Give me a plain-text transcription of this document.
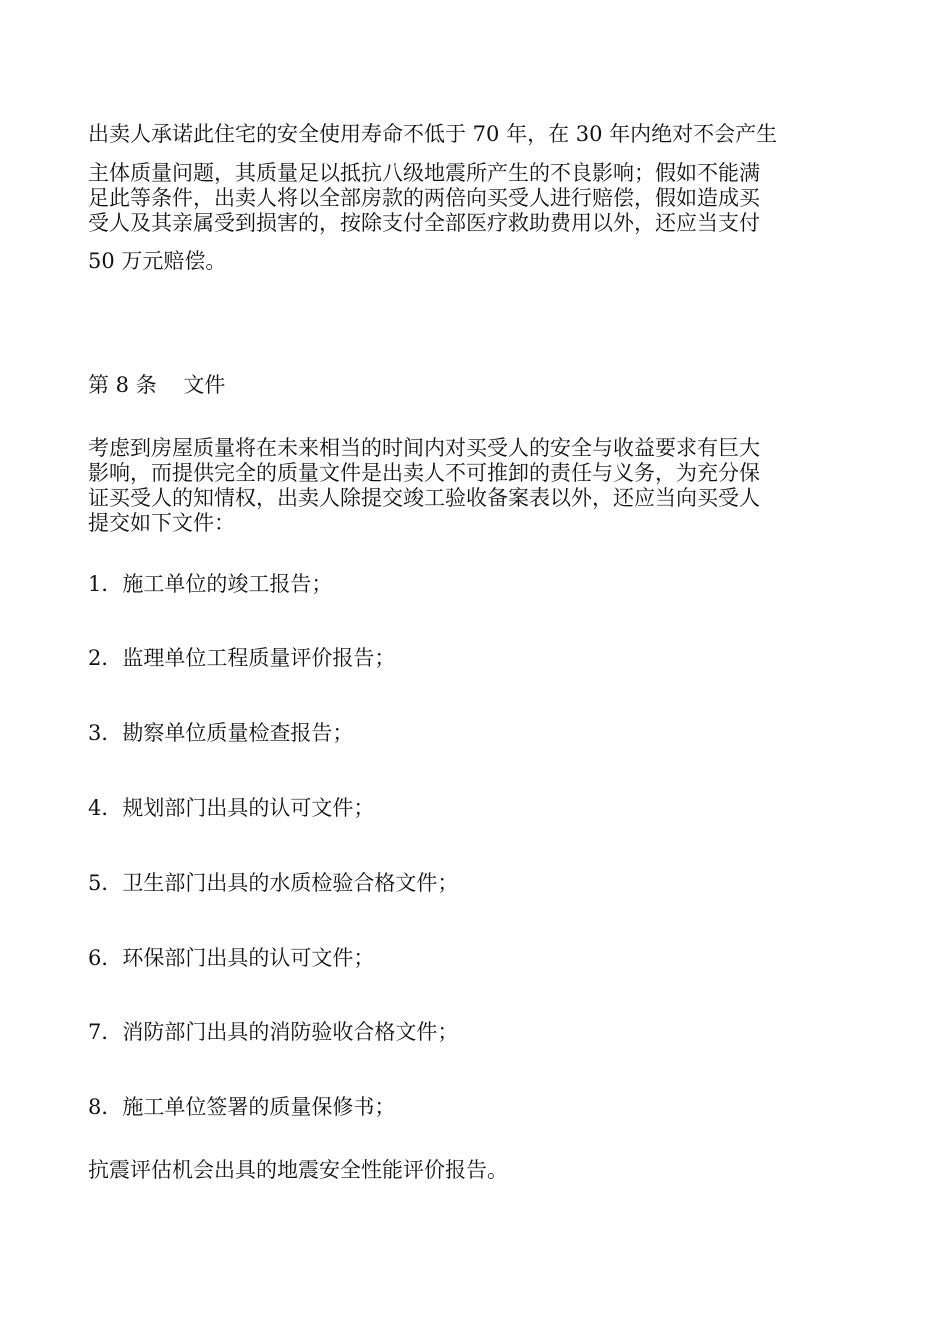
出卖人承诺此住宅的安全使用寿命不低于 70 年，在 30 年内绝对不会产生
主体质量问题，其质量足以抵抗八级地震所产生的不良影响；假如不能满
足此等条件，出卖人将以全部房款的两倍向买受人进行赔偿，假如造成买
受人及其亲属受到损害的，按除支付全部医疗救助费用以外，还应当支付
50 万元赔偿。
第 8 条    文件
考虑到房屋质量将在未来相当的时间内对买受人的安全与收益要求有巨大
影响，而提供完全的质量文件是出卖人不可推卸的责任与义务，为充分保
证买受人的知情权，出卖人除提交竣工验收备案表以外，还应当向买受人
提交如下文件：
1．施工单位的竣工报告；
2．监理单位工程质量评价报告；
3．勘察单位质量检查报告；
4．规划部门出具的认可文件；
5．卫生部门出具的水质检验合格文件；
6．环保部门出具的认可文件；
7．消防部门出具的消防验收合格文件；
8．施工单位签署的质量保修书；
抗震评估机会出具的地震安全性能评价报告。
